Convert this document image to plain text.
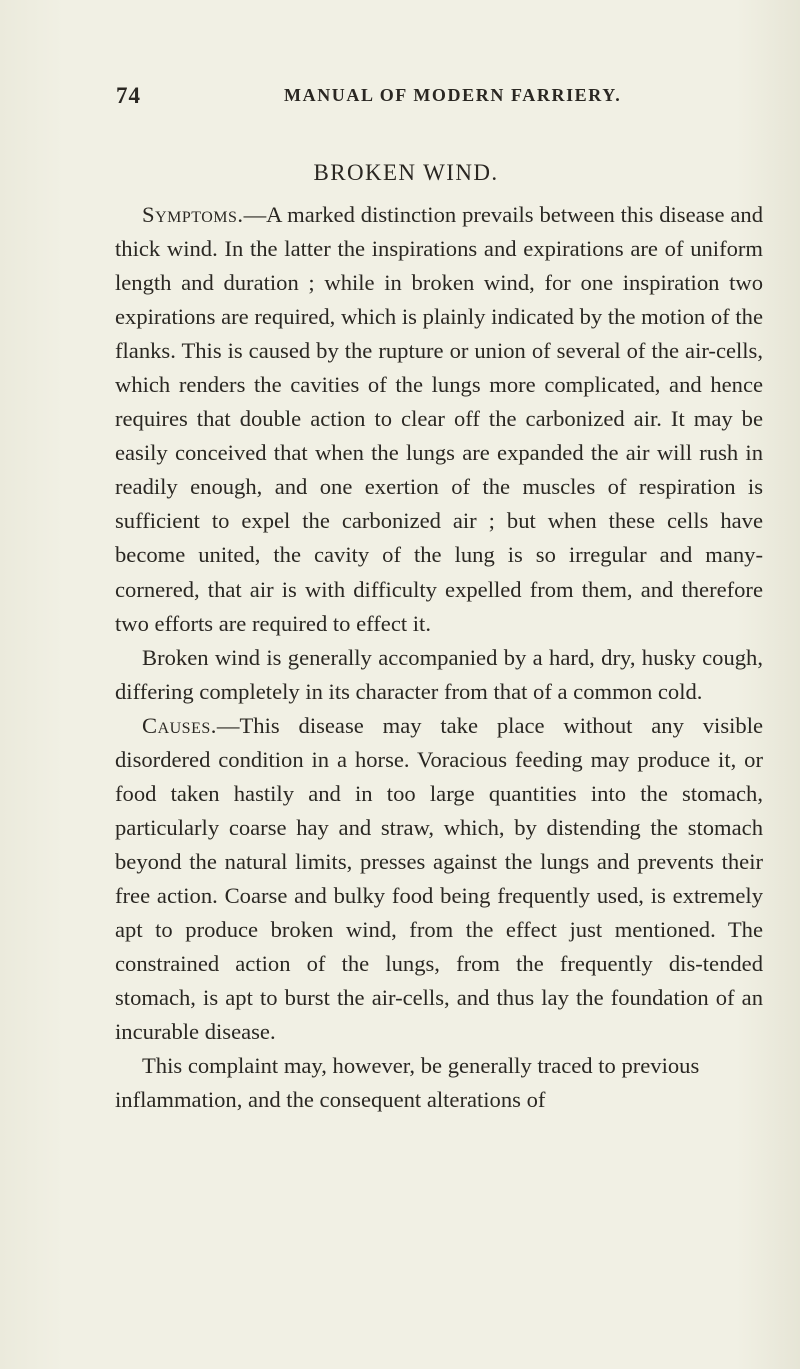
74	MANUAL OF MODERN FARRIERY.
BROKEN WIND.

Symptoms.—A marked distinction prevails between this disease and thick wind. In the latter the inspirations and expirations are of uniform length and duration ; while in broken wind, for one inspiration two expirations are required, which is plainly indicated by the motion of the flanks. This is caused by the rupture or union of several of the air-cells, which renders the cavities of the lungs more complicated, and hence requires that double action to clear off the carbonized air. It may be easily conceived that when the lungs are expanded the air will rush in readily enough, and one exertion of the muscles of respiration is sufficient to expel the carbonized air ; but when these cells have become united, the cavity of the lung is so irregular and many-cornered, that air is with difficulty expelled from them, and therefore two efforts are required to effect it.

Broken wind is generally accompanied by a hard, dry, husky cough, differing completely in its character from that of a common cold.

Causes.—This disease may take place without any visible disordered condition in a horse. Voracious feeding may produce it, or food taken hastily and in too large quantities into the stomach, particularly coarse hay and straw, which, by distending the stomach beyond the natural limits, presses against the lungs and prevents their free action. Coarse and bulky food being frequently used, is extremely apt to produce broken wind, from the effect just mentioned. The constrained action of the lungs, from the frequently dis-tended stomach, is apt to burst the air-cells, and thus lay the foundation of an incurable disease.

This complaint may, however, be generally traced to previous inflammation, and the consequent alterations of
